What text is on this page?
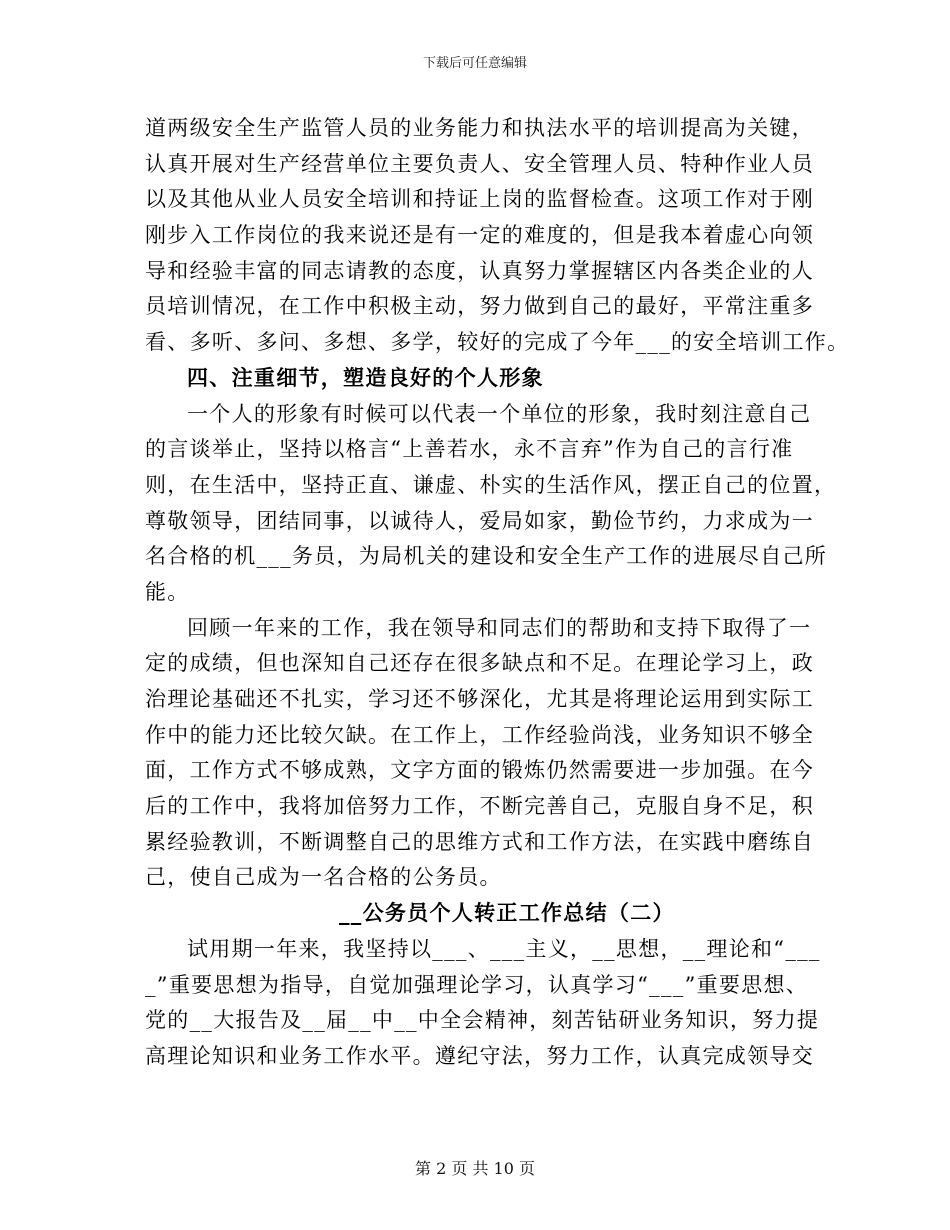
下载后可任意编辑
道两级安全生产监管人员的业务能力和执法水平的培训提高为关键，
认真开展对生产经营单位主要负责人、安全管理人员、特种作业人员
以及其他从业人员安全培训和持证上岗的监督检查。这项工作对于刚
刚步入工作岗位的我来说还是有一定的难度的，但是我本着虚心向领
导和经验丰富的同志请教的态度，认真努力掌握辖区内各类企业的人
员培训情况，在工作中积极主动，努力做到自己的最好，平常注重多
看、多听、多问、多想、多学，较好的完成了今年___的安全培训工作。
四、注重细节，塑造良好的个人形象
一个人的形象有时候可以代表一个单位的形象，我时刻注意自己
的言谈举止，坚持以格言“上善若水，永不言弃”作为自己的言行准
则，在生活中，坚持正直、谦虚、朴实的生活作风，摆正自己的位置，
尊敬领导，团结同事，以诚待人，爱局如家，勤俭节约，力求成为一
名合格的机___务员，为局机关的建设和安全生产工作的进展尽自己所
能。
回顾一年来的工作，我在领导和同志们的帮助和支持下取得了一
定的成绩，但也深知自己还存在很多缺点和不足。在理论学习上，政
治理论基础还不扎实，学习还不够深化，尤其是将理论运用到实际工
作中的能力还比较欠缺。在工作上，工作经验尚浅，业务知识不够全
面，工作方式不够成熟，文字方面的锻炼仍然需要进一步加强。在今
后的工作中，我将加倍努力工作，不断完善自己，克服自身不足，积
累经验教训，不断调整自己的思维方式和工作方法，在实践中磨练自
己，使自己成为一名合格的公务员。
__公务员个人转正工作总结（二）
试用期一年来，我坚持以___、___主义，__思想，__理论和“___
_”重要思想为指导，自觉加强理论学习，认真学习“___”重要思想、
党的__大报告及__届__中__中全会精神，刻苦钻研业务知识，努力提
高理论知识和业务工作水平。遵纪守法，努力工作，认真完成领导交
第 2 页 共 10 页
